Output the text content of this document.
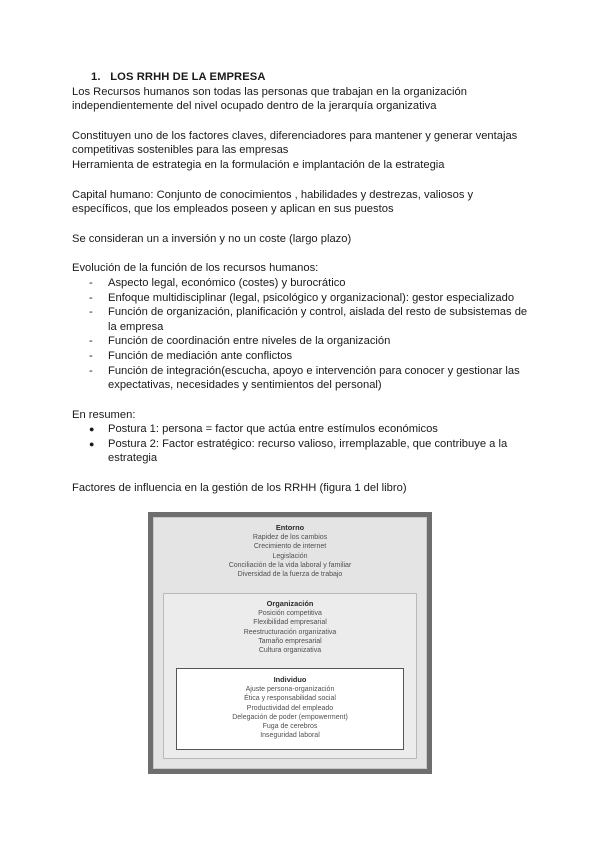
1. LOS RRHH DE LA EMPRESA

Los Recursos humanos son todas las personas que trabajan en la organización independientemente del nivel ocupado dentro de la jerarquía organizativa

Constituyen uno de los factores claves, diferenciadores para mantener y generar ventajas competitivas sostenibles para las empresas

Herramienta de estrategia en la formulación e implantación de la estrategia

Capital humano: Conjunto de conocimientos , habilidades y destrezas, valiosos y específicos, que los empleados poseen y aplican en sus puestos

Se consideran un a inversión y no un coste (largo plazo)

Evolución de la función de los recursos humanos:

- Aspecto legal, económico (costes) y burocrático
- Enfoque multidisciplinar (legal, psicológico y organizacional): gestor especializado
- Función de organización, planificación y control, aislada del resto de subsistemas de la empresa
- Función de coordinación entre niveles de la organización
- Función de mediación ante conflictos
- Función de integración(escucha, apoyo e intervención para conocer y gestionar las expectativas, necesidades y sentimientos del personal)

En resumen:

● Postura 1: persona = factor que actúa entre estímulos económicos
● Postura 2: Factor estratégico: recurso valioso, irremplazable, que contribuye a la estrategia

Factores de influencia en la gestión de los RRHH (figura 1 del libro)

Entorno
Rapidez de los cambios
Crecimiento de internet
Legislación
Conciliación de la vida laboral y familiar
Diversidad de la fuerza de trabajo
Organización
Posición competitiva
Flexibilidad empresarial
Reestructuración organizativa
Tamaño empresarial
Cultura organizativa
Individuo
Ajuste persona-organización
Ética y responsabilidad social
Productividad del empleado
Delegación de poder (empowerment)
Fuga de cerebros
Inseguridad laboral
